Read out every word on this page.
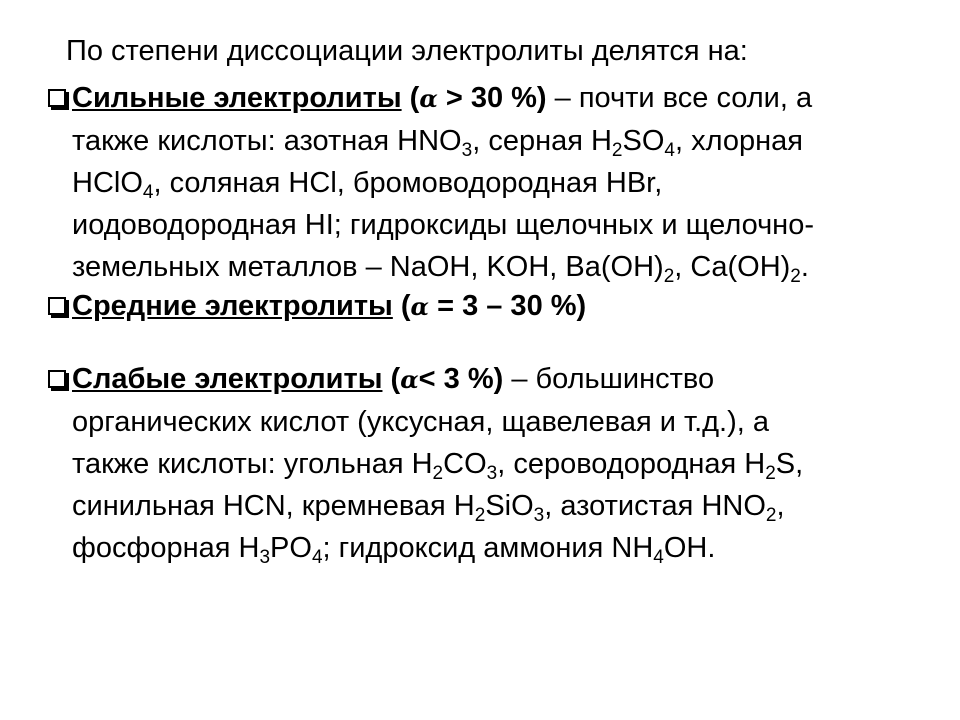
По степени диссоциации электролиты делятся на:
Сильные электролиты (α > 30 %) – почти все соли, а
также кислоты: азотная $HNO_3$, серная $H_2SO_4$, хлорная
HClO$_4$, соляная HCl, бромоводородная HBr,
иодоводородная HI; гидроксиды щелочных и щелочно-
земельных металлов – NaOH, KOH, $Ba(OH)_2$, $Ca(OH)_2$.
Средние электролиты (α = 3 – 30 %)
Слабые электролиты (α< 3 %) – большинство
органических кислот (уксусная, щавелевая и т.д.), а
также кислоты: угольная $H_2CO_3$, сероводородная $H_2S$,
синильная HCN, кремневая $H_2SiO_3$, азотистая $HNO_2$,
фосфорная $H_3PO_4$; гидроксид аммония $NH_4OH$.
